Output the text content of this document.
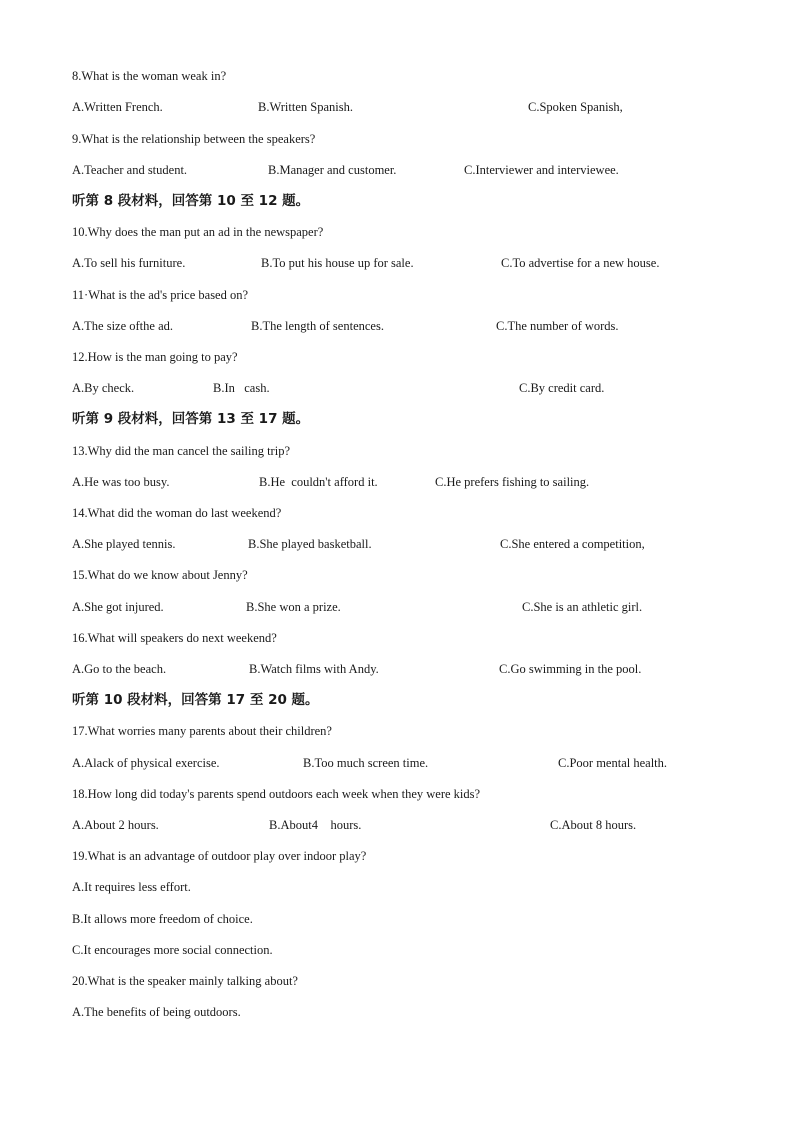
8.What is the woman weak in?
A.Written French.	B.Written Spanish.	C.Spoken Spanish,
9.What is the relationship between the speakers?
A.Teacher and student.	B.Manager and customer.	C.Interviewer and interviewee.
听第 8 段材料，回答第 10 至 12 题。
10.Why does the man put an ad in the newspaper?
A.To sell his furniture.	B.To put his house up for sale.	C.To advertise for a new house.
11·What is the ad's price based on?
A.The size ofthe ad.	B.The length of sentences.	C.The number of words.
12.How is the man going to pay?
A.By check.	B.In   cash.	C.By credit card.
听第 9 段材料，回答第 13 至 17 题。
13.Why did the man cancel the sailing trip?
A.He was too busy.	B.He  couldn't afford it.	C.He prefers fishing to sailing.
14.What did the woman do last weekend?
A.She played tennis.	B.She played basketball.	C.She entered a competition,
15.What do we know about Jenny?
A.She got injured.	B.She won a prize.	C.She is an athletic girl.
16.What will speakers do next weekend?
A.Go to the beach.	B.Watch films with Andy.	C.Go swimming in the pool.
听第 10 段材料，回答第 17 至 20 题。
17.What worries many parents about their children?
A.Alack of physical exercise.	B.Too much screen time.	C.Poor mental health.
18.How long did today's parents spend outdoors each week when they were kids?
A.About 2 hours.	B.About4    hours.	C.About 8 hours.
19.What is an advantage of outdoor play over indoor play?
A.It requires less effort.
B.It allows more freedom of choice.
C.It encourages more social connection.
20.What is the speaker mainly talking about?
A.The benefits of being outdoors.
